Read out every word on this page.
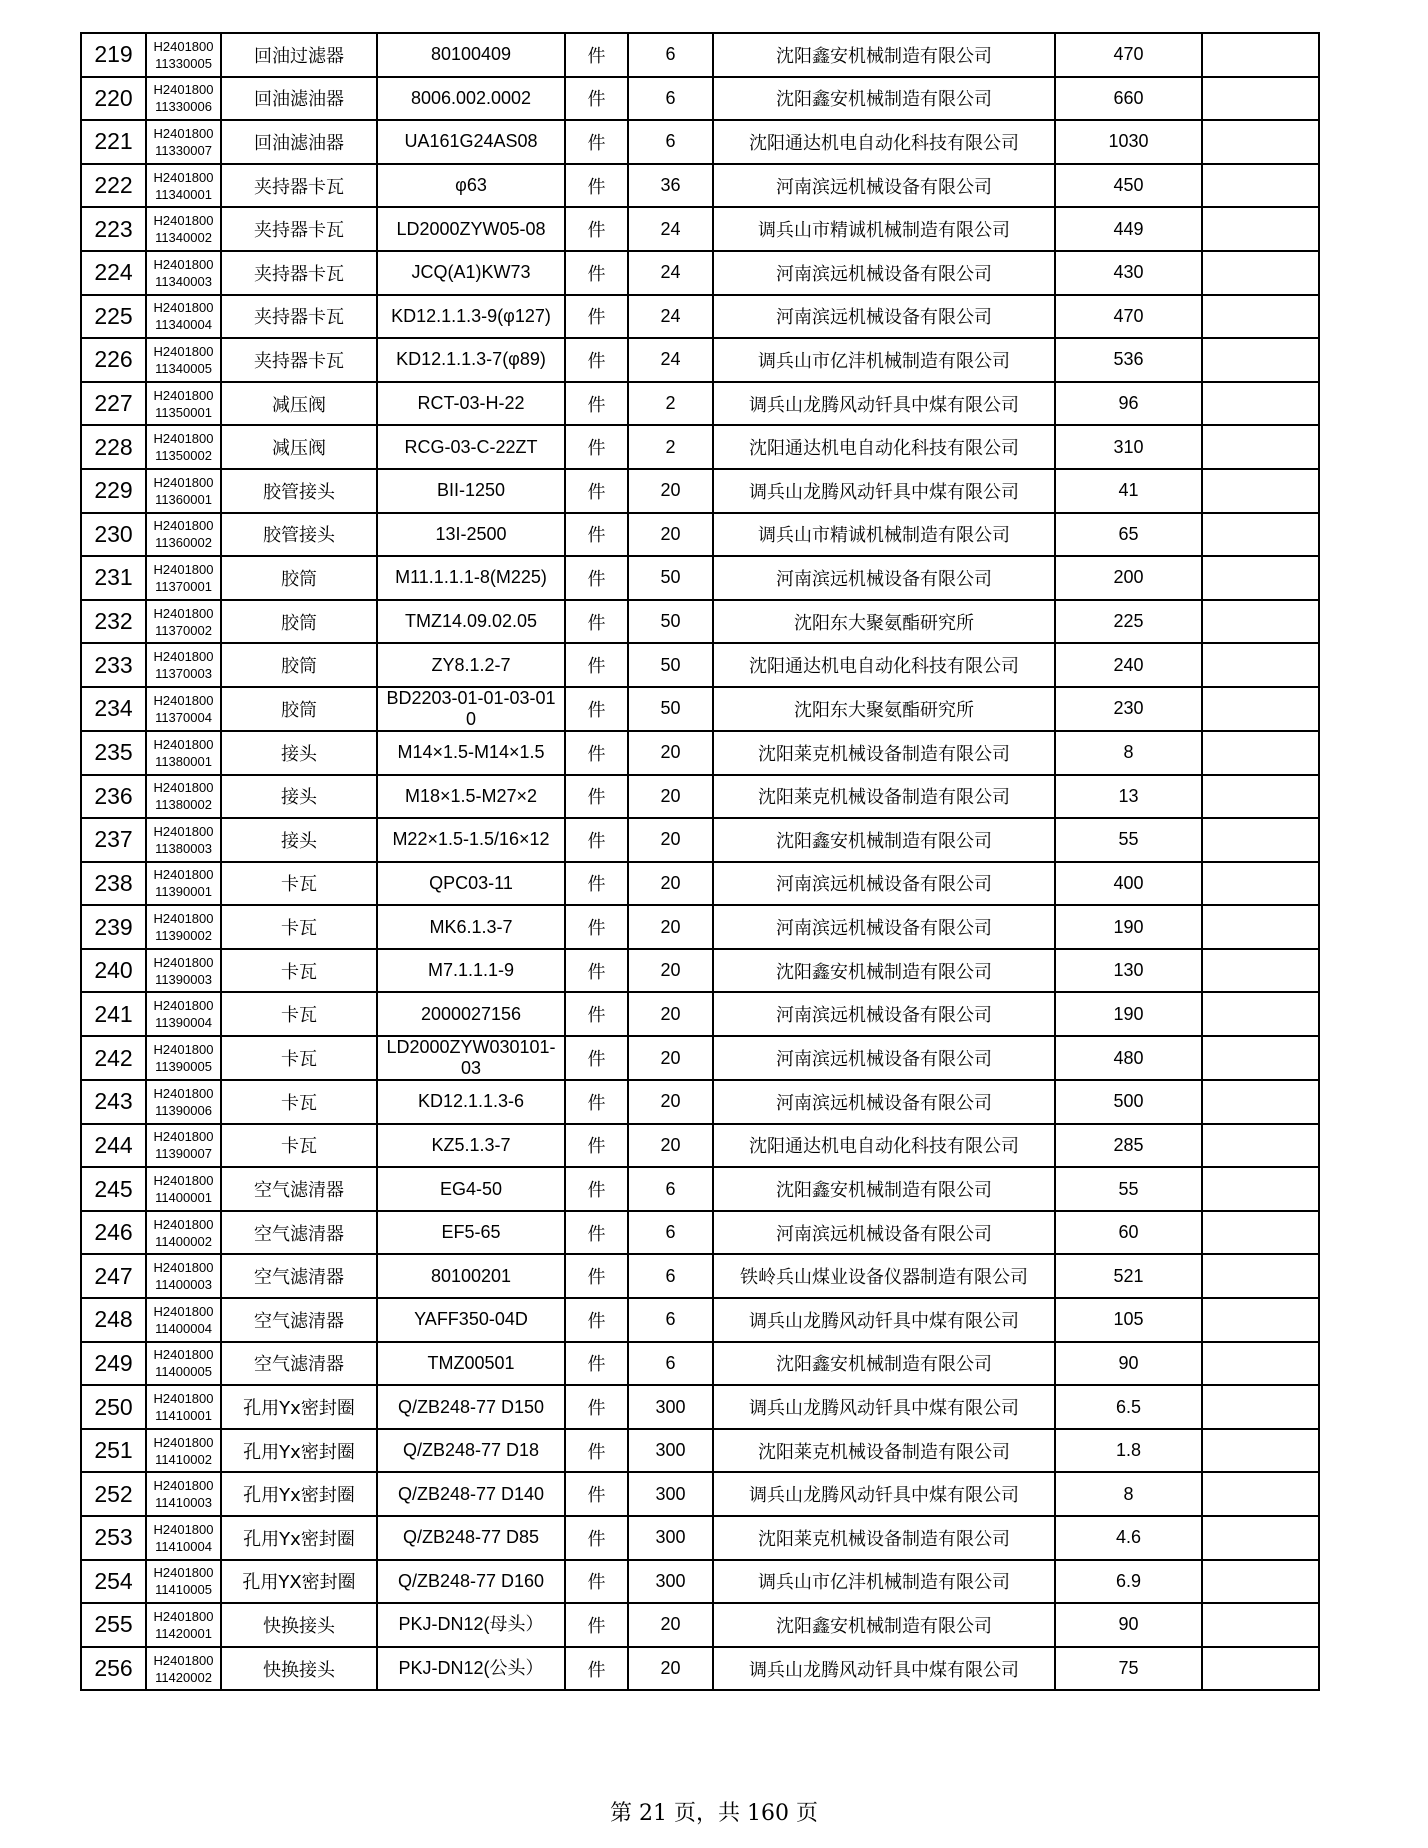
219	H2401800 11330005	回油过滤器	80100409	件	6	沈阳鑫安机械制造有限公司	470	
220	H2401800 11330006	回油滤油器	8006.002.0002	件	6	沈阳鑫安机械制造有限公司	660	
221	H2401800 11330007	回油滤油器	UA161G24AS08	件	6	沈阳通达机电自动化科技有限公司	1030	
222	H2401800 11340001	夹持器卡瓦	φ63	件	36	河南滨远机械设备有限公司	450	
223	H2401800 11340002	夹持器卡瓦	LD2000ZYW05-08	件	24	调兵山市精诚机械制造有限公司	449	
224	H2401800 11340003	夹持器卡瓦	JCQ(A1)KW73	件	24	河南滨远机械设备有限公司	430	
225	H2401800 11340004	夹持器卡瓦	KD12.1.1.3-9(φ127)	件	24	河南滨远机械设备有限公司	470	
226	H2401800 11340005	夹持器卡瓦	KD12.1.1.3-7(φ89)	件	24	调兵山市亿沣机械制造有限公司	536	
227	H2401800 11350001	减压阀	RCT-03-H-22	件	2	调兵山龙腾风动钎具中煤有限公司	96	
228	H2401800 11350002	减压阀	RCG-03-C-22ZT	件	2	沈阳通达机电自动化科技有限公司	310	
229	H2401800 11360001	胶管接头	BII-1250	件	20	调兵山龙腾风动钎具中煤有限公司	41	
230	H2401800 11360002	胶管接头	13I-2500	件	20	调兵山市精诚机械制造有限公司	65	
231	H2401800 11370001	胶筒	M11.1.1.1-8(M225)	件	50	河南滨远机械设备有限公司	200	
232	H2401800 11370002	胶筒	TMZ14.09.02.05	件	50	沈阳东大聚氨酯研究所	225	
233	H2401800 11370003	胶筒	ZY8.1.2-7	件	50	沈阳通达机电自动化科技有限公司	240	
234	H2401800 11370004	胶筒	BD2203-01-01-03-010	件	50	沈阳东大聚氨酯研究所	230	
235	H2401800 11380001	接头	M14×1.5-M14×1.5	件	20	沈阳莱克机械设备制造有限公司	8	
236	H2401800 11380002	接头	M18×1.5-M27×2	件	20	沈阳莱克机械设备制造有限公司	13	
237	H2401800 11380003	接头	M22×1.5-1.5/16×12	件	20	沈阳鑫安机械制造有限公司	55	
238	H2401800 11390001	卡瓦	QPC03-11	件	20	河南滨远机械设备有限公司	400	
239	H2401800 11390002	卡瓦	MK6.1.3-7	件	20	河南滨远机械设备有限公司	190	
240	H2401800 11390003	卡瓦	M7.1.1.1-9	件	20	沈阳鑫安机械制造有限公司	130	
241	H2401800 11390004	卡瓦	2000027156	件	20	河南滨远机械设备有限公司	190	
242	H2401800 11390005	卡瓦	LD2000ZYW030101-03	件	20	河南滨远机械设备有限公司	480	
243	H2401800 11390006	卡瓦	KD12.1.1.3-6	件	20	河南滨远机械设备有限公司	500	
244	H2401800 11390007	卡瓦	KZ5.1.3-7	件	20	沈阳通达机电自动化科技有限公司	285	
245	H2401800 11400001	空气滤清器	EG4-50	件	6	沈阳鑫安机械制造有限公司	55	
246	H2401800 11400002	空气滤清器	EF5-65	件	6	河南滨远机械设备有限公司	60	
247	H2401800 11400003	空气滤清器	80100201	件	6	铁岭兵山煤业设备仪器制造有限公司	521	
248	H2401800 11400004	空气滤清器	YAFF350-04D	件	6	调兵山龙腾风动钎具中煤有限公司	105	
249	H2401800 11400005	空气滤清器	TMZ00501	件	6	沈阳鑫安机械制造有限公司	90	
250	H2401800 11410001	孔用Yx密封圈	Q/ZB248-77 D150	件	300	调兵山龙腾风动钎具中煤有限公司	6.5	
251	H2401800 11410002	孔用Yx密封圈	Q/ZB248-77 D18	件	300	沈阳莱克机械设备制造有限公司	1.8	
252	H2401800 11410003	孔用Yx密封圈	Q/ZB248-77 D140	件	300	调兵山龙腾风动钎具中煤有限公司	8	
253	H2401800 11410004	孔用Yx密封圈	Q/ZB248-77 D85	件	300	沈阳莱克机械设备制造有限公司	4.6	
254	H2401800 11410005	孔用YX密封圈	Q/ZB248-77 D160	件	300	调兵山市亿沣机械制造有限公司	6.9	
255	H2401800 11420001	快换接头	PKJ-DN12(母头）	件	20	沈阳鑫安机械制造有限公司	90	
256	H2401800 11420002	快换接头	PKJ-DN12(公头）	件	20	调兵山龙腾风动钎具中煤有限公司	75	
第 21 页，共 160 页
